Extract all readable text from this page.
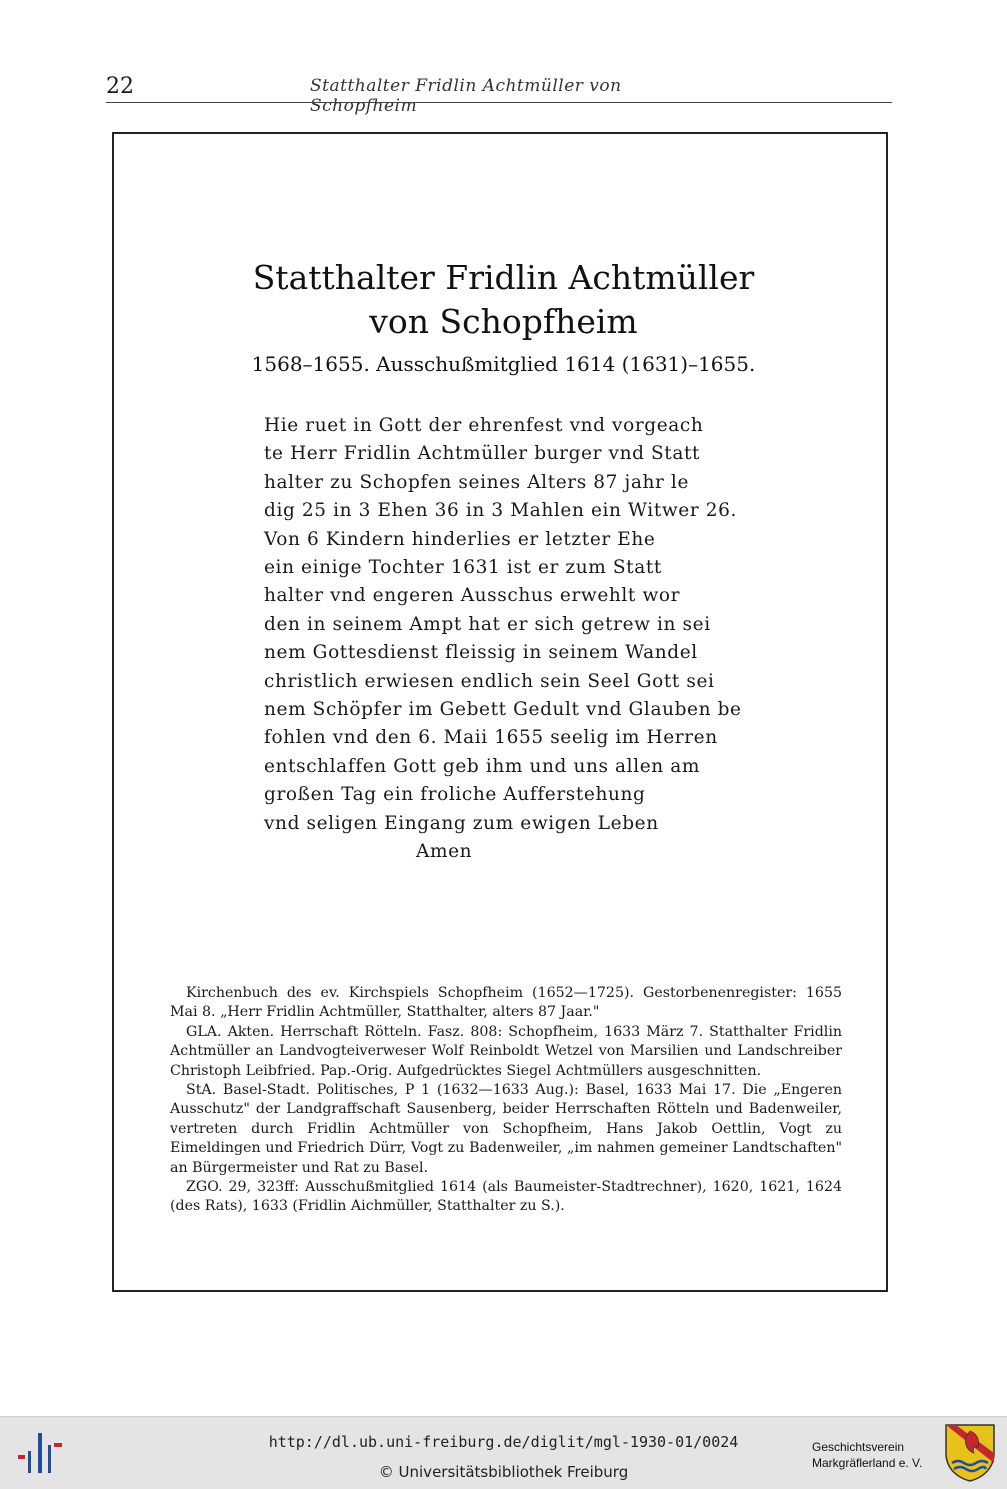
22	Statthalter Fridlin Achtmüller von Schopfheim
Statthalter Fridlin Achtmüller
von Schopfheim
1568–1655. Ausschußmitglied 1614 (1631)–1655.
Hie ruet in Gott der ehrenfest vnd vorgeach
te Herr Fridlin Achtmüller burger vnd Statt
halter zu Schopfen seines Alters 87 jahr le
dig 25 in 3 Ehen 36 in 3 Mahlen ein Witwer 26.
Von 6 Kindern hinderlies er letzter Ehe
ein einige Tochter 1631 ist er zum Statt
halter vnd engeren Ausschus erwehlt wor
den in seinem Ampt hat er sich getrew in sei
nem Gottesdienst fleissig in seinem Wandel
christlich erwiesen endlich sein Seel Gott sei
nem Schöpfer im Gebett Gedult vnd Glauben be
fohlen vnd den 6. Maii 1655 seelig im Herren
entschlaffen Gott geb ihm und uns allen am
großen Tag ein froliche Aufferstehung
vnd seligen Eingang zum ewigen Leben
Amen

Kirchenbuch des ev. Kirchspiels Schopfheim (1652—1725). Gestorbenenregister: 1655 Mai 8. „Herr Fridlin Achtmüller, Statthalter, alters 87 Jaar."

GLA. Akten. Herrschaft Rötteln. Fasz. 808: Schopfheim, 1633 März 7. Statthalter Fridlin Achtmüller an Landvogteiverweser Wolf Reinboldt Wetzel von Marsilien und Landschreiber Christoph Leibfried. Pap.-Orig. Aufgedrücktes Siegel Achtmüllers ausgeschnitten.

StA. Basel-Stadt. Politisches, P 1 (1632—1633 Aug.): Basel, 1633 Mai 17. Die „Engeren Ausschutz" der Landgraffschaft Sausenberg, beider Herrschaften Rötteln und Badenweiler, vertreten durch Fridlin Achtmüller von Schopfheim, Hans Jakob Oettlin, Vogt zu Eimeldingen und Friedrich Dürr, Vogt zu Badenweiler, „im nahmen gemeiner Landtschaften" an Bürgermeister und Rat zu Basel.

ZGO. 29, 323ff: Ausschußmitglied 1614 (als Baumeister-Stadtrechner), 1620, 1621, 1624 (des Rats), 1633 (Fridlin Aichmüller, Statthalter zu S.).

http://dl.ub.uni-freiburg.de/diglit/mgl-1930-01/0024
© Universitätsbibliothek Freiburg
Geschichtsverein
Markgräflerland e. V.
